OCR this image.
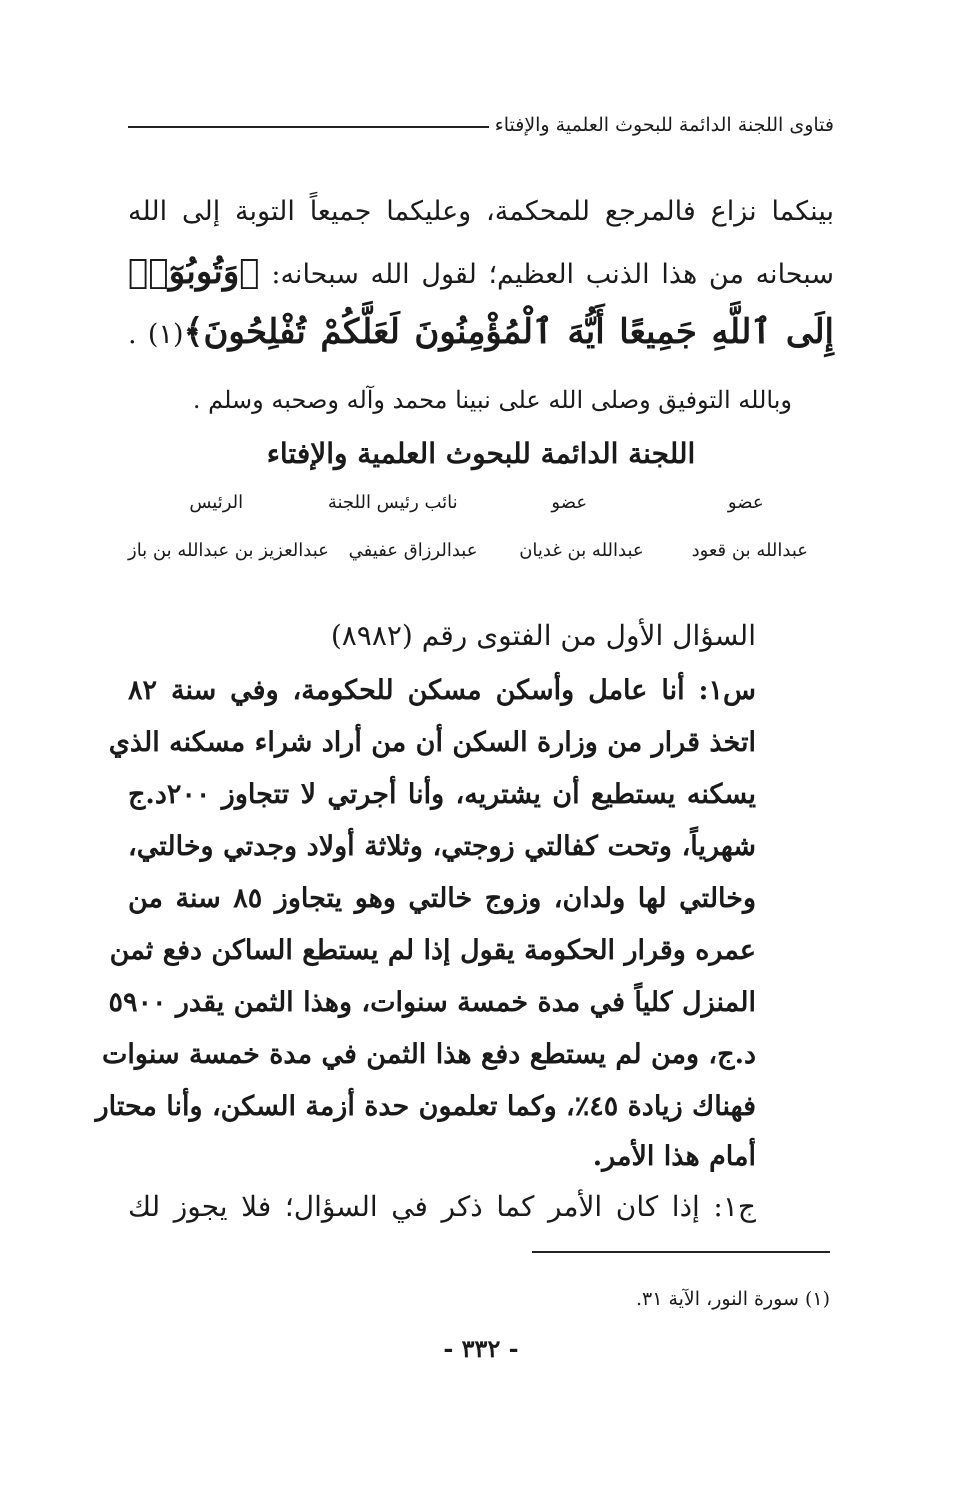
فتاوى اللجنة الدائمة للبحوث العلمية والإفتاء
بينكما نزاع فالمرجع للمحكمة، وعليكما جميعاً التوبة إلى الله
سبحانه من هذا الذنب العظيم؛ لقول الله سبحانه: ﴿وَتُوبُوٓا۟
إِلَى ٱللَّهِ جَمِيعًا أَيُّهَ ٱلْمُؤْمِنُونَ لَعَلَّكُمْ تُفْلِحُونَ﴾(١) .
وبالله التوفيق وصلى الله على نبينا محمد وآله وصحبه وسلم .
اللجنة الدائمة للبحوث العلمية والإفتاء
عضو
عضو
نائب رئيس اللجنة
الرئيس
عبدالله بن قعود
عبدالله بن غديان
عبدالرزاق عفيفي
عبدالعزيز بن عبدالله بن باز
السؤال الأول من الفتوى رقم (٨٩٨٢)
س١: أنا عامل وأسكن مسكن للحكومة، وفي سنة ٨٢
اتخذ قرار من وزارة السكن أن من أراد شراء مسكنه الذي
يسكنه يستطيع أن يشتريه، وأنا أجرتي لا تتجاوز ٢٠٠د.ج
شهرياً، وتحت كفالتي زوجتي، وثلاثة أولاد وجدتي وخالتي،
وخالتي لها ولدان، وزوج خالتي وهو يتجاوز ٨٥ سنة من
عمره وقرار الحكومة يقول إذا لم يستطع الساكن دفع ثمن
المنزل كلياً في مدة خمسة سنوات، وهذا الثمن يقدر ٥٩٠٠
د.ج، ومن لم يستطع دفع هذا الثمن في مدة خمسة سنوات
فهناك زيادة ٤٥٪، وكما تعلمون حدة أزمة السكن، وأنا محتار
أمام هذا الأمر.
ج١: إذا كان الأمر كما ذكر في السؤال؛ فلا يجوز لك
(١) سورة النور، الآية ٣١.
- ٣٣٢ -
